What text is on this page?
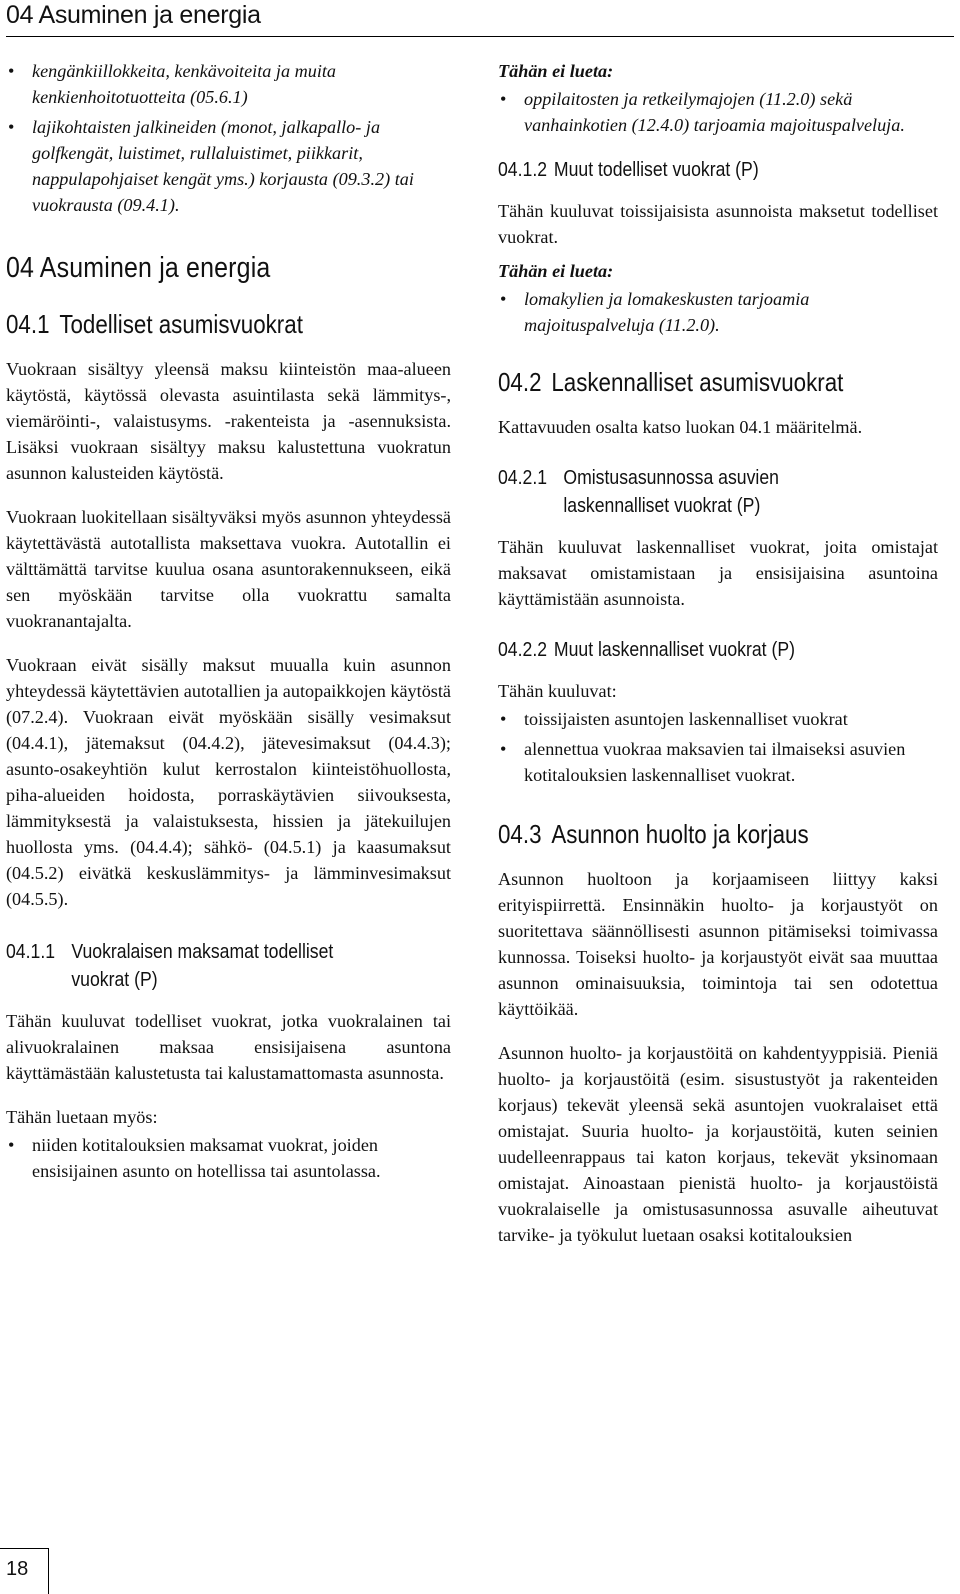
04 Asuminen ja energia
• kengänkiillokkeita, kenkävoiteita ja muita kenkienhoitotuotteita (05.6.1)
• lajikohtaisten jalkineiden (monot, jalkapallo- ja golfkengät, luistimet, rullaluistimet, piikkarit, nappulapohjaiset kengät yms.) korjausta (09.3.2) tai vuokrausta (09.4.1).
04 Asuminen ja energia
04.1 Todelliset asumisvuokrat

Vuokraan sisältyy yleensä maksu kiinteistön maa-alueen käytöstä, käytössä olevasta asuintilasta sekä lämmitys-, viemäröinti-, valaistusyms. -rakenteista ja -asennuksista. Lisäksi vuokraan sisältyy maksu kalustettuna vuokratun asunnon kalusteiden käytöstä.

Vuokraan luokitellaan sisältyväksi myös asunnon yhteydessä käytettävästä autotallista maksettava vuokra. Autotallin ei välttämättä tarvitse kuulua osana asuntorakennukseen, eikä sen myöskään tarvitse olla vuokrattu samalta vuokranantajalta.

Vuokraan eivät sisälly maksut muualla kuin asunnon yhteydessä käytettävien autotallien ja autopaikkojen käytöstä (07.2.4). Vuokraan eivät myöskään sisälly vesimaksut (04.4.1), jätemaksut (04.4.2), jätevesimaksut (04.4.3); asunto-osakeyhtiön kulut kerrostalon kiinteistöhuollosta, piha-alueiden hoidosta, porraskäytävien siivouksesta, lämmityksestä ja valaistuksesta, hissien ja jätekuilujen huollosta yms. (04.4.4); sähkö- (04.5.1) ja kaasumaksut (04.5.2) eivätkä keskuslämmitys- ja lämminvesimaksut (04.5.5).

04.1.1 Vuokralaisen maksamat todelliset
vuokrat (P)

Tähän kuuluvat todelliset vuokrat, jotka vuokralainen tai alivuokralainen maksaa ensisijaisena asuntona käyttämästään kalustetusta tai kalustamattomasta asunnosta.

Tähän luetaan myös:
• niiden kotitalouksien maksamat vuokrat, joiden ensisijainen asunto on hotellissa tai asuntolassa.
Tähän ei lueta:
• oppilaitosten ja retkeilymajojen (11.2.0) sekä vanhainkotien (12.4.0) tarjoamia majoituspalveluja.
04.1.2 Muut todelliset vuokrat (P)

Tähän kuuluvat toissijaisista asunnoista maksetut todelliset vuokrat.

Tähän ei lueta:
• lomakylien ja lomakeskusten tarjoamia majoituspalveluja (11.2.0).
04.2 Laskennalliset asumisvuokrat

Kattavuuden osalta katso luokan 04.1 määritelmä.

04.2.1 Omistusasunnossa asuvien
laskennalliset vuokrat (P)

Tähän kuuluvat laskennalliset vuokrat, joita omistajat maksavat omistamistaan ja ensisijaisina asuntoina käyttämistään asunnoista.

04.2.2 Muut laskennalliset vuokrat (P)
Tähän kuuluvat:
• toissijaisten asuntojen laskennalliset vuokrat
• alennettua vuokraa maksavien tai ilmaiseksi asuvien kotitalouksien laskennalliset vuokrat.
04.3 Asunnon huolto ja korjaus

Asunnon huoltoon ja korjaamiseen liittyy kaksi erityispiirrettä. Ensinnäkin huolto- ja korjaustyöt on suoritettava säännöllisesti asunnon pitämiseksi toimivassa kunnossa. Toiseksi huolto- ja korjaustyöt eivät saa muuttaa asunnon ominaisuuksia, toimintoja tai sen odotettua käyttöikää.

Asunnon huolto- ja korjaustöitä on kahdentyyppisiä. Pieniä huolto- ja korjaustöitä (esim. sisustustyöt ja rakenteiden korjaus) tekevät yleensä sekä asuntojen vuokralaiset että omistajat. Suuria huolto- ja korjaustöitä, kuten seinien uudelleenrappaus tai katon korjaus, tekevät yksinomaan omistajat. Ainoastaan pienistä huolto- ja korjaustöistä vuokralaiselle ja omistusasunnossa asuvalle aiheutuvat tarvike- ja työkulut luetaan osaksi kotitalouksien

18
